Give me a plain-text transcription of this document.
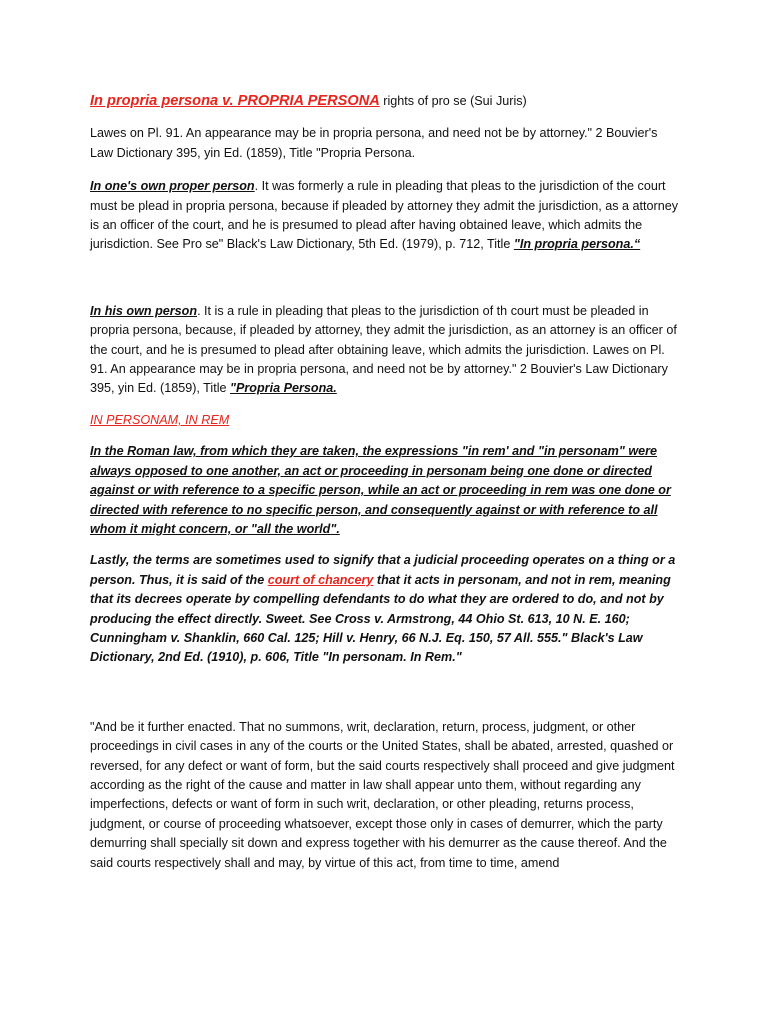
In propria persona v. PROPRIA PERSONA rights of pro se (Sui Juris)

Lawes on Pl. 91. An appearance may be in propria persona, and need not be by attorney." 2 Bouvier's Law Dictionary 395, yin Ed. (1859), Title "Propria Persona.

In one's own proper person. It was formerly a rule in pleading that pleas to the jurisdiction of the court must be plead in propria persona, because if pleaded by attorney they admit the jurisdiction, as a attorney is an officer of the court, and he is presumed to plead after having obtained leave, which admits the jurisdiction. See Pro se" Black's Law Dictionary, 5th Ed. (1979), p. 712, Title "In propria persona.“

In his own person. It is a rule in pleading that pleas to the jurisdiction of th court must be pleaded in propria persona, because, if pleaded by attorney, they admit the jurisdiction, as an attorney is an officer of the court, and he is presumed to plead after obtaining leave, which admits the jurisdiction. Lawes on Pl. 91. An appearance may be in propria persona, and need not be by attorney." 2 Bouvier's Law Dictionary 395, yin Ed. (1859), Title "Propria Persona.

IN PERSONAM, IN REM

In the Roman law, from which they are taken, the expressions "in rem' and "in personam" were always opposed to one another, an act or proceeding in personam being one done or directed against or with reference to a specific person, while an act or proceeding in rem was one done or directed with reference to no specific person, and consequently against or with reference to all whom it might concern, or "all the world".

Lastly, the terms are sometimes used to signify that a judicial proceeding operates on a thing or a person. Thus, it is said of the court of chancery that it acts in personam, and not in rem, meaning that its decrees operate by compelling defendants to do what they are ordered to do, and not by producing the effect directly. Sweet. See Cross v. Armstrong, 44 Ohio St. 613, 10 N. E. 160; Cunningham v. Shanklin, 660 Cal. 125; Hill v. Henry, 66 N.J. Eq. 150, 57 All. 555." Black's Law Dictionary, 2nd Ed. (1910), p. 606, Title "In personam. In Rem."

"And be it further enacted. That no summons, writ, declaration, return, process, judgment, or other proceedings in civil cases in any of the courts or the United States, shall be abated, arrested, quashed or reversed, for any defect or want of form, but the said courts respectively shall proceed and give judgment according as the right of the cause and matter in law shall appear unto them, without regarding any imperfections, defects or want of form in such writ, declaration, or other pleading, returns process, judgment, or course of proceeding whatsoever, except those only in cases of demurrer, which the party demurring shall specially sit down and express together with his demurrer as the cause thereof. And the said courts respectively shall and may, by virtue of this act, from time to time, amend
